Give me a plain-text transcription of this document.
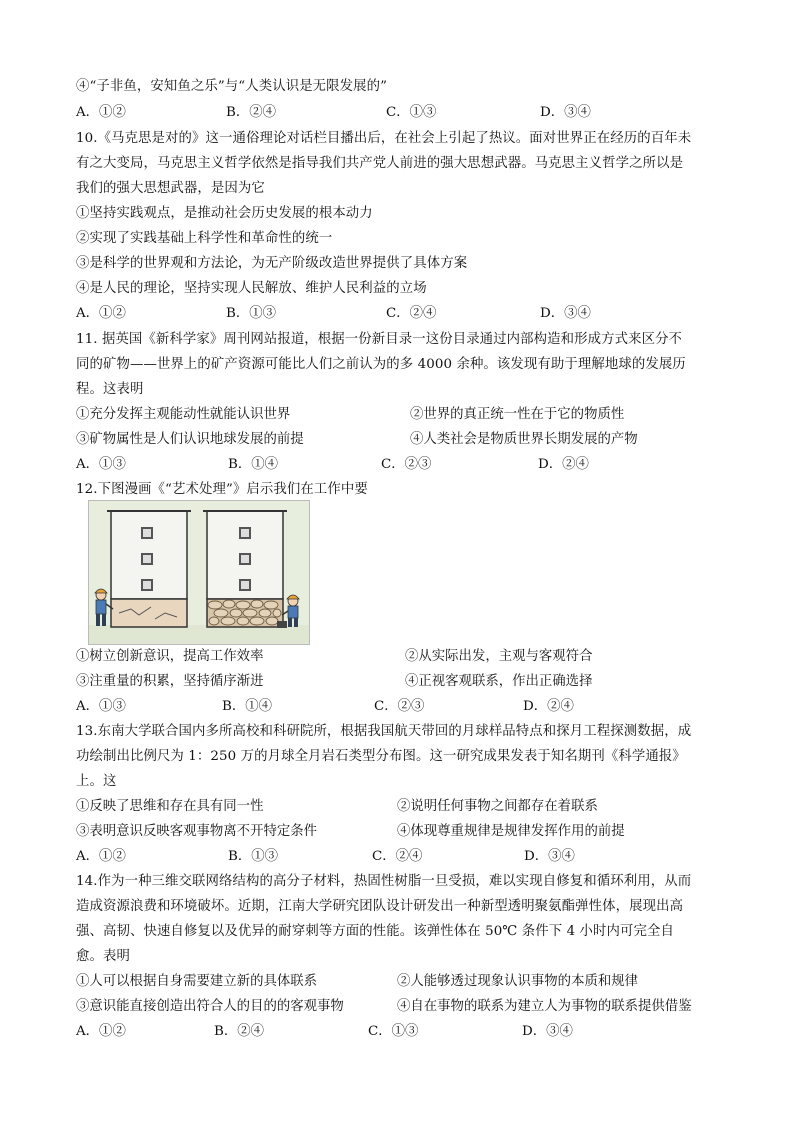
④“子非鱼，安知鱼之乐”与“人类认识是无限发展的”
A．①②	B．②④	C．①③	D．③④
10.《马克思是对的》这一通俗理论对话栏目播出后，在社会上引起了热议。面对世界正在经历的百年未
有之大变局，马克思主义哲学依然是指导我们共产党人前进的强大思想武器。马克思主义哲学之所以是
我们的强大思想武器，是因为它
①坚持实践观点，是推动社会历史发展的根本动力
②实现了实践基础上科学性和革命性的统一
③是科学的世界观和方法论，为无产阶级改造世界提供了具体方案
④是人民的理论，坚持实现人民解放、维护人民利益的立场
A．①②	B．①③	C．②④	D．③④
11. 据英国《新科学家》周刊网站报道，根据一份新目录一这份目录通过内部构造和形成方式来区分不
同的矿物——世界上的矿产资源可能比人们之前认为的多 4000 余种。该发现有助于理解地球的发展历
程。这表明
①充分发挥主观能动性就能认识世界	②世界的真正统一性在于它的物质性
③矿物属性是人们认识地球发展的前提	④人类社会是物质世界长期发展的产物
A．①③	B．①④	C．②③	D．②④
12.下图漫画《“艺术处理”》启示我们在工作中要
①树立创新意识，提高工作效率	②从实际出发，主观与客观符合
③注重量的积累，坚持循序渐进	④正视客观联系，作出正确选择
A．①③	B．①④	C．②③	D．②④
13.东南大学联合国内多所高校和科研院所，根据我国航天带回的月球样品特点和探月工程探测数据，成
功绘制出比例尺为 1：250 万的月球全月岩石类型分布图。这一研究成果发表于知名期刊《科学通报》
上。这
①反映了思维和存在具有同一性	②说明任何事物之间都存在着联系
③表明意识反映客观事物离不开特定条件	④体现尊重规律是规律发挥作用的前提
A．①②	B．①③	C．②④	D．③④
14.作为一种三维交联网络结构的高分子材料，热固性树脂一旦受损，难以实现自修复和循环利用，从而
造成资源浪费和环境破坏。近期，江南大学研究团队设计研发出一种新型透明聚氨酯弹性体，展现出高
强、高韧、快速自修复以及优异的耐穿刺等方面的性能。该弹性体在 50℃ 条件下 4 小时内可完全自
愈。表明
①人可以根据自身需要建立新的具体联系	②人能够透过现象认识事物的本质和规律
③意识能直接创造出符合人的目的的客观事物	④自在事物的联系为建立人为事物的联系提供借鉴
A．①②	B．②④	C．①③	D．③④
